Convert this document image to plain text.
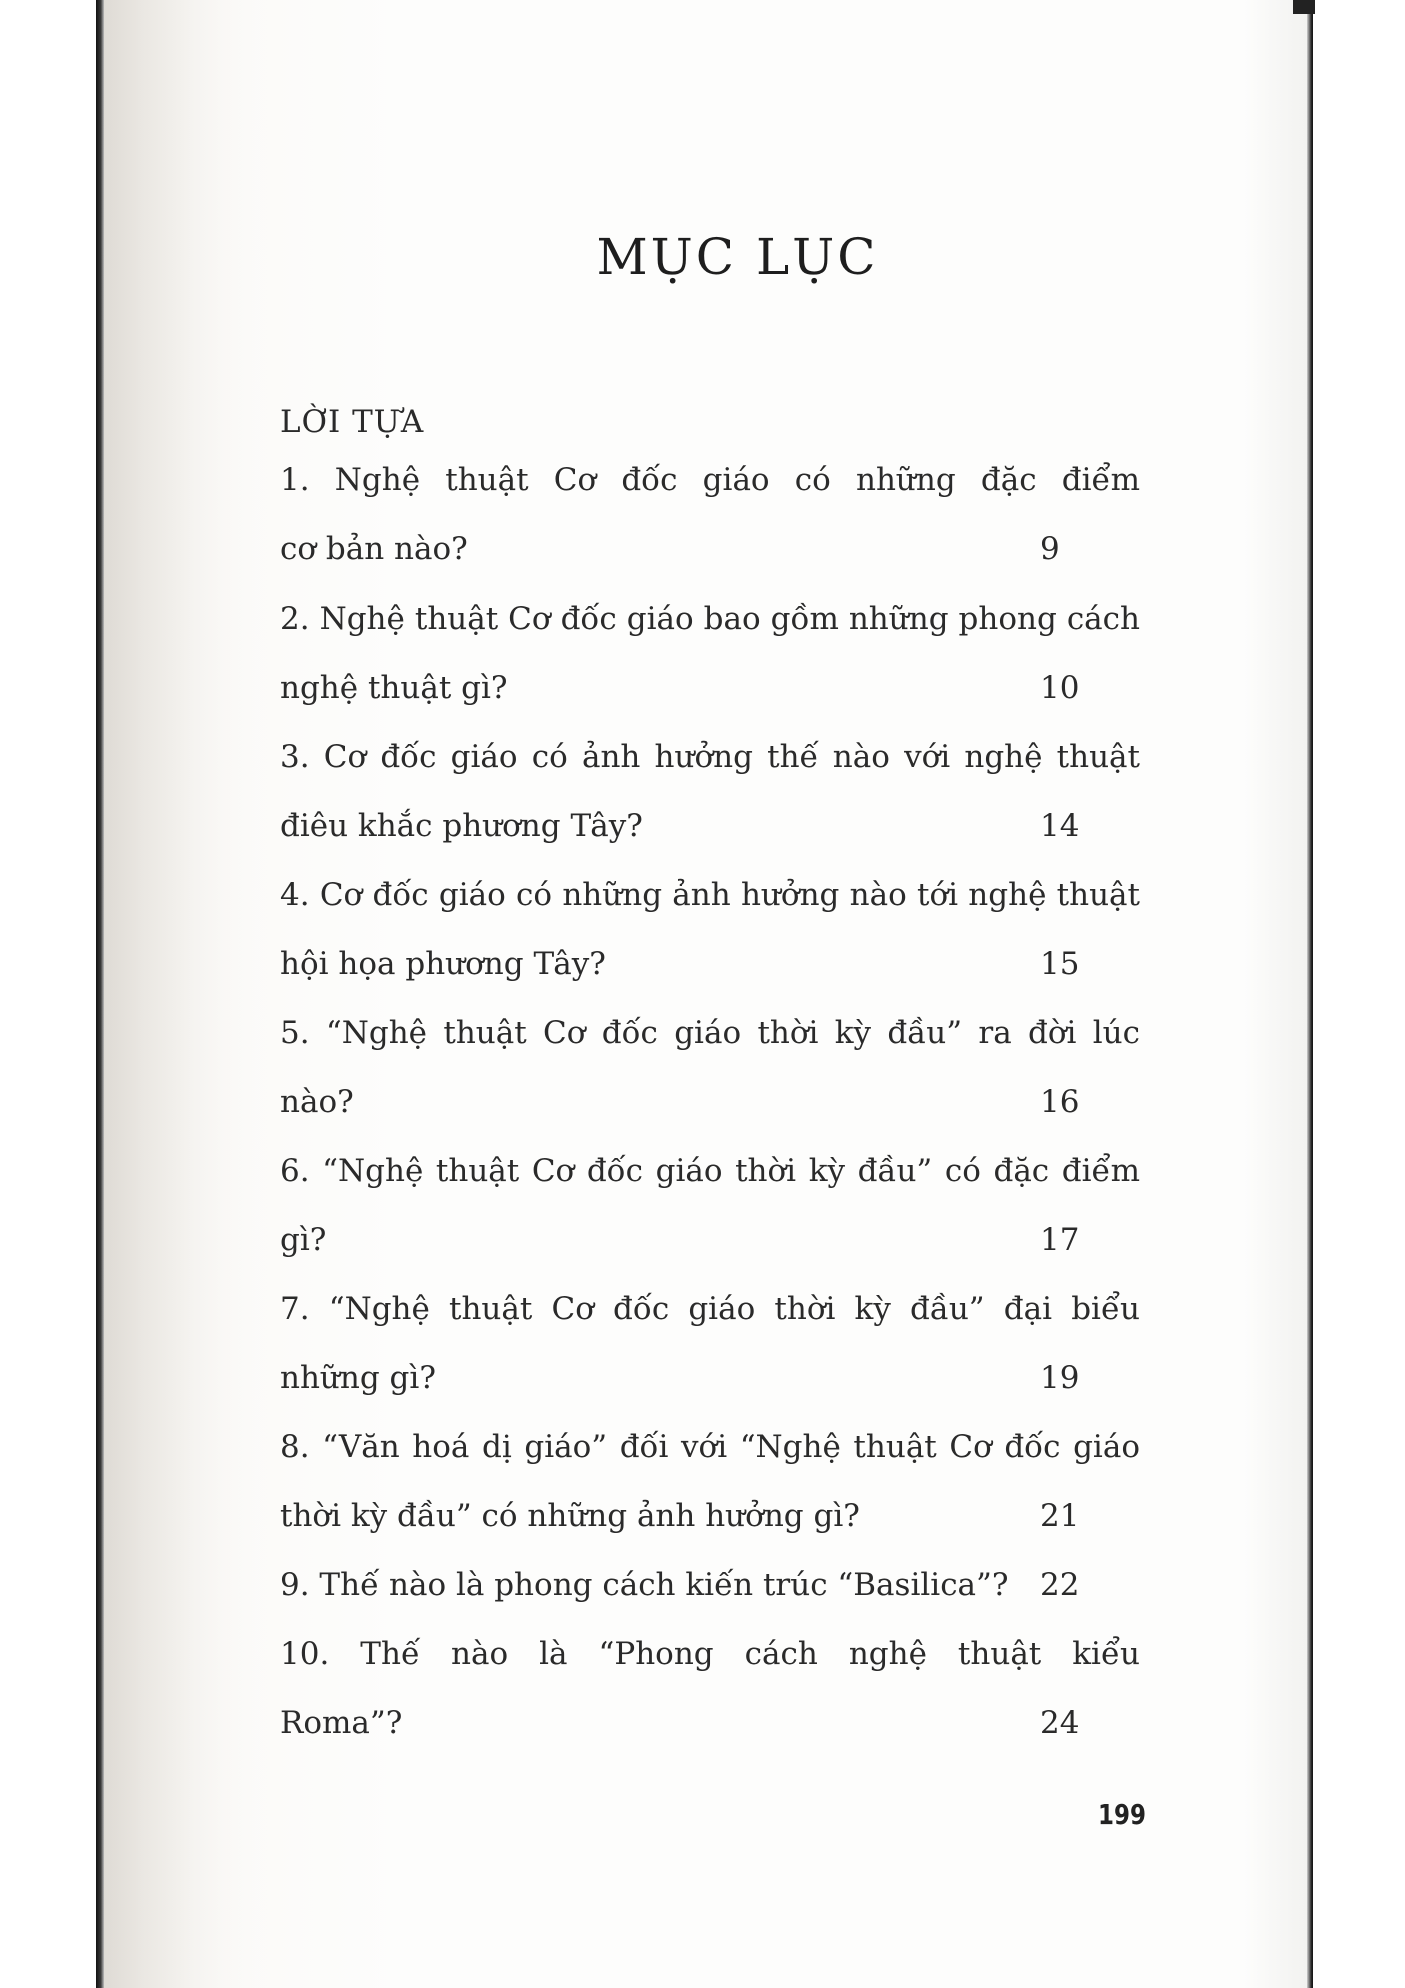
MỤC LỤC
LỜI TỰA
1. Nghệ thuật Cơ đốc giáo có những đặc điểm
cơ bản nào?	9
2. Nghệ thuật Cơ đốc giáo bao gồm những phong cách
nghệ thuật gì?	10
3. Cơ đốc giáo có ảnh hưởng thế nào với nghệ thuật
điêu khắc phương Tây?	14
4. Cơ đốc giáo có những ảnh hưởng nào tới nghệ thuật
hội họa phương Tây?	15
5. “Nghệ thuật Cơ đốc giáo thời kỳ đầu” ra đời lúc
nào?	16
6. “Nghệ thuật Cơ đốc giáo thời kỳ đầu” có đặc điểm
gì?	17
7. “Nghệ thuật Cơ đốc giáo thời kỳ đầu” đại biểu
những gì?	19
8. “Văn hoá dị giáo” đối với “Nghệ thuật Cơ đốc giáo
thời kỳ đầu” có những ảnh hưởng gì?	21
9. Thế nào là phong cách kiến trúc “Basilica”? 22
10. Thế nào là “Phong cách nghệ thuật kiểu
Roma”?	24
199
